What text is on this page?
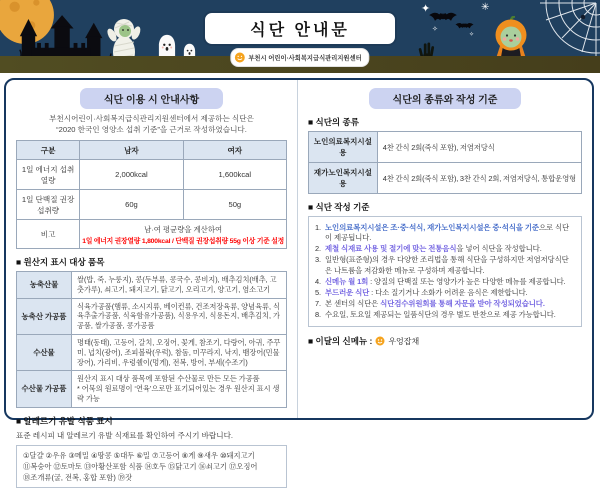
✦
✧
✳
✧
식단 안내문
부천시 어린이·사회복지급식관리지원센터
식단 이용 시 안내사항
부천시어린이·사회복지급식관리지원센터에서 제공하는 식단은
“2020 한국인 영양소 섭취 기준”을 근거로 작성하였습니다.
구분	남자	여자
1일 에너지 섭취 열량	2,000kcal	1,600kcal
1일 단백질 권장섭취량	60g	50g
비고	남·여 평균량을 계산하여
1일 에너지 권장열량 1,800kcal / 단백질 권장섭취량 55g 이상 기준 설정	
■ 원산지 표시 대상 품목
농축산물	쌀(밥, 죽, 누룽지), 콩(두부류, 콩국수, 콩비지), 배추김치(배추, 고춧가루), 쇠고기, 돼지고기, 닭고기, 오리고기, 양고기, 염소고기

농축산 가공품	식육가공품(햄류, 소시지류, 베이컨류, 건조저장육류, 양념육류, 식육추출가공품, 식육함유가공품), 식용우지, 식용돈지, 배추김치, 가공품, 쌀가공품, 콩가공품

수산물	명태(동태), 고등어, 갈치, 오징어, 꽃게, 참조기, 다랑어, 아귀, 주꾸미, 넙치(광어), 조피볼락(우럭), 참돔, 미꾸라지, 낙지, 뱀장어(민물장어), 가리비, 우렁쉘이(멍게), 전복, 방어, 부세(수조기)

수산물 가공품	원산지 표시 대상 품목에 포함된 수산물로 만든 모든 가공품
* 어묵의 원료명이 ‘연육’으로만 표기되어있는 경우 원산지 표시 생략 가능
■ 알레르기 유발 식품 표시
표준 레시피 내 알레르기 유발 식재료를 확인하여 주시기 바랍니다.
①달걀 ②우유 ③메밀 ④땅콩 ⑤대두 ⑥밀 ⑦고등어 ⑧게 ⑨새우 ⑩돼지고기
⑪복숭아 ⑫토마토 ⑬아황산포함 식품 ⑭호두 ⑮닭고기 ⑯쇠고기 ⑰오징어
⑱조개류(굴, 전복, 홍합 포함) ⑲잣
식단의 종류와 작성 기준
■ 식단의 종류
노인의료복지시설용	4찬 간식 2회(죽식 포함), 저염저당식
재가노인복지시설용	4찬 간식 2회(죽식 포함), 3찬 간식 2회, 저염저당식, 통합운영형
■ 식단 작성 기준
1. 노인의료복지시설은 조·중·석식, 재가노인복지시설은 중·석식을 기준으로 식단이 제공됩니다.
2. 제철 식재료 사용 및 절기에 맞는 전통음식을 넣어 식단을 작성합니다.
3. 일반형(표준형)의 경우 다양한 조리법을 통해 식단을 구성하지만 저염저당식단은 나트륨을 저감화한 메뉴로 구성하며 제공합니다.
4. 신메뉴 월 1회 : 양질의 단백질 또는 영양가가 높은 다양한 메뉴를 제공합니다.
5. 부드러운 식단 : 다소 질기거나 소화가 어려운 음식은 제한합니다.
7. 본 센터의 식단은 식단검수위원회를 통해 자문을 받아 작성되었습니다.
8. 수요일, 토요일 제공되는 일품식단의 경우 별도 반찬으로 제공 가능합니다.
■ 이달의 신메뉴 : 우엉잡채
